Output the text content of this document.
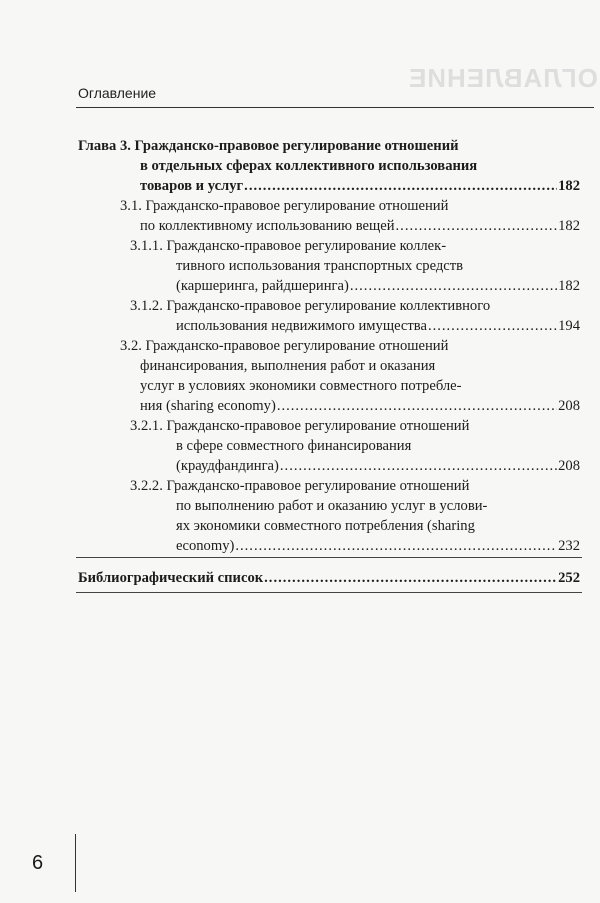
ОГЛАВЛЕНИЕ
Оглавление
Глава 3. Гражданско-правовое регулирование отношений
в отдельных сферах коллективного использования
товаров и услуг .....	182
3.1. Гражданско-правовое регулирование отношений
по коллективному использованию вещей .....	182
3.1.1. Гражданско-правовое регулирование коллек-
тивного использования транспортных средств
(каршеринга, райдшеринга) .....	182
3.1.2. Гражданско-правовое регулирование коллективного
использования недвижимого имущества .....	194
3.2. Гражданско-правовое регулирование отношений
финансирования, выполнения работ и оказания
услуг в условиях экономики совместного потребле-
ния (sharing economy) .....	208
3.2.1. Гражданско-правовое регулирование отношений
в сфере совместного финансирования
(краудфандинга) .....	208
3.2.2. Гражданско-правовое регулирование отношений
по выполнению работ и оказанию услуг в услови-
ях экономики совместного потребления (sharing
economy) .....	232
Библиографический список .....	252
6
